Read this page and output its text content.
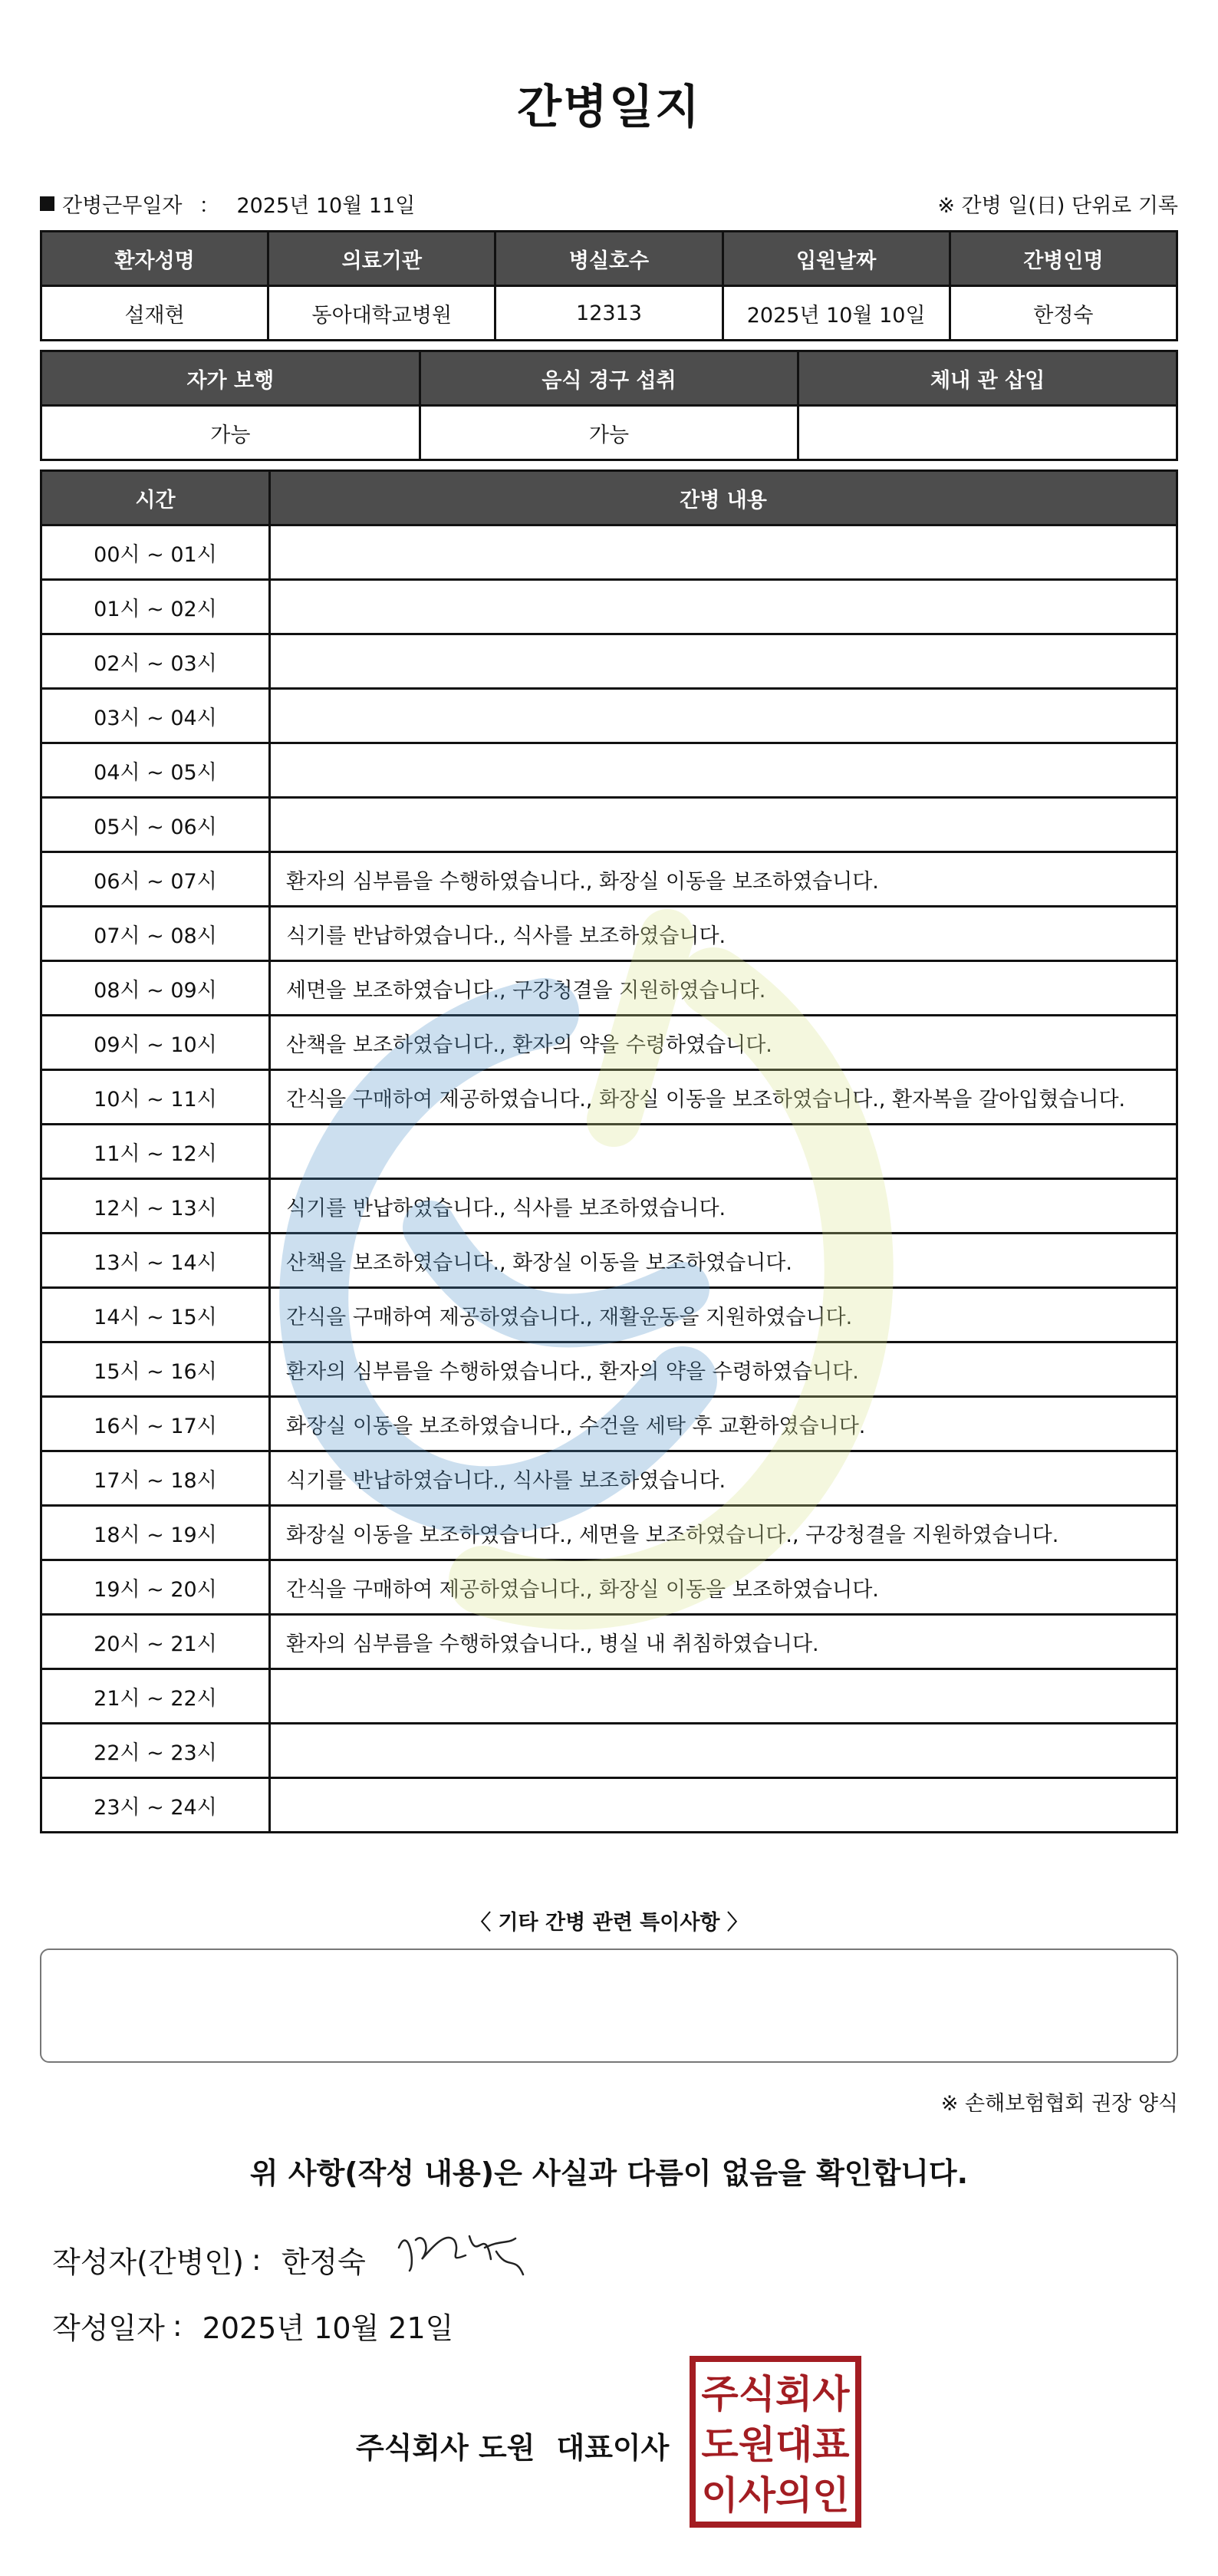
간병일지
간병근무일자 ： 2025년 10월 11일	※ 간병 일(日) 단위로 기록
환자성명	의료기관	병실호수	입원날짜	간병인명
설재현	동아대학교병원	12313	2025년 10월 10일	한정숙
자가 보행	음식 경구 섭취	체내 관 삽입
가능	가능	
시간	간병 내용
00시 ~ 01시	
01시 ~ 02시	
02시 ~ 03시	
03시 ~ 04시	
04시 ~ 05시	
05시 ~ 06시	
06시 ~ 07시	환자의 심부름을 수행하였습니다., 화장실 이동을 보조하였습니다.
07시 ~ 08시	식기를 반납하였습니다., 식사를 보조하였습니다.
08시 ~ 09시	세면을 보조하였습니다., 구강청결을 지원하였습니다.
09시 ~ 10시	산책을 보조하였습니다., 환자의 약을 수령하였습니다.
10시 ~ 11시	간식을 구매하여 제공하였습니다., 화장실 이동을 보조하였습니다., 환자복을 갈아입혔습니다.
11시 ~ 12시	
12시 ~ 13시	식기를 반납하였습니다., 식사를 보조하였습니다.
13시 ~ 14시	산책을 보조하였습니다., 화장실 이동을 보조하였습니다.
14시 ~ 15시	간식을 구매하여 제공하였습니다., 재활운동을 지원하였습니다.
15시 ~ 16시	환자의 심부름을 수행하였습니다., 환자의 약을 수령하였습니다.
16시 ~ 17시	화장실 이동을 보조하였습니다., 수건을 세탁 후 교환하였습니다.
17시 ~ 18시	식기를 반납하였습니다., 식사를 보조하였습니다.
18시 ~ 19시	화장실 이동을 보조하였습니다., 세면을 보조하였습니다., 구강청결을 지원하였습니다.
19시 ~ 20시	간식을 구매하여 제공하였습니다., 화장실 이동을 보조하였습니다.
20시 ~ 21시	환자의 심부름을 수행하였습니다., 병실 내 취침하였습니다.
21시 ~ 22시	
22시 ~ 23시	
23시 ~ 24시	
〈 기타 간병 관련 특이사항 〉
※ 손해보험협회 권장 양식
위 사항(작성 내용)은 사실과 다름이 없음을 확인합니다.
작성자(간병인) : 한정숙
작성일자 : 2025년 10월 21일
주식회사 도원 대표이사
주식회사
도원대표
이사의인
